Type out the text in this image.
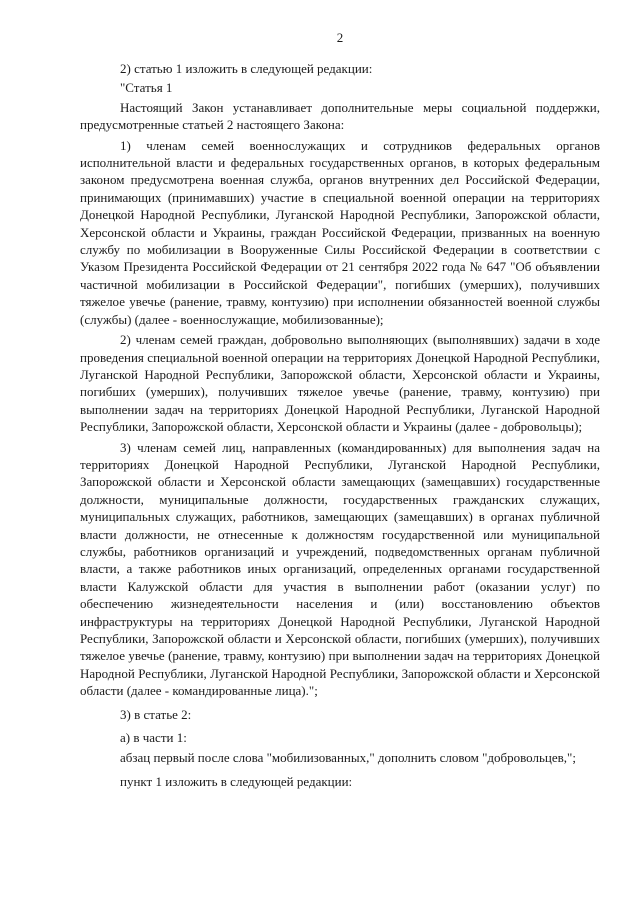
2

2) статью 1 изложить в следующей редакции:

"Статья 1

Настоящий Закон устанавливает дополнительные меры социальной поддержки, предусмотренные статьей 2 настоящего Закона:

1) членам семей военнослужащих и сотрудников федеральных органов исполнительной власти и федеральных государственных органов, в которых федеральным законом предусмотрена военная служба, органов внутренних дел Российской Федерации, принимающих (принимавших) участие в специальной военной операции на территориях Донецкой Народной Республики, Луганской Народной Республики, Запорожской области, Херсонской области и Украины, граждан Российской Федерации, призванных на военную службу по мобилизации в Вооруженные Силы Российской Федерации в соответствии с Указом Президента Российской Федерации от 21 сентября 2022 года № 647 "Об объявлении частичной мобилизации в Российской Федерации", погибших (умерших), получивших тяжелое увечье (ранение, травму, контузию) при исполнении обязанностей военной службы (службы) (далее - военнослужащие, мобилизованные);

2) членам семей граждан, добровольно выполняющих (выполнявших) задачи в ходе проведения специальной военной операции на территориях Донецкой Народной Республики, Луганской Народной Республики, Запорожской области, Херсонской области и Украины, погибших (умерших), получивших тяжелое увечье (ранение, травму, контузию) при выполнении задач на территориях Донецкой Народной Республики, Луганской Народной Республики, Запорожской области, Херсонской области и Украины (далее - добровольцы);

3) членам семей лиц, направленных (командированных) для выполнения задач на территориях Донецкой Народной Республики, Луганской Народной Республики, Запорожской области и Херсонской области замещающих (замещавших) государственные должности, муниципальные должности, государственных гражданских служащих, муниципальных служащих, работников, замещающих (замещавших) в органах публичной власти должности, не отнесенные к должностям государственной или муниципальной службы, работников организаций и учреждений, подведомственных органам публичной власти, а также работников иных организаций, определенных органами государственной власти Калужской области для участия в выполнении работ (оказании услуг) по обеспечению жизнедеятельности населения и (или) восстановлению объектов инфраструктуры на территориях Донецкой Народной Республики, Луганской Народной Республики, Запорожской области и Херсонской области, погибших (умерших), получивших тяжелое увечье (ранение, травму, контузию) при выполнении задач на территориях Донецкой Народной Республики, Луганской Народной Республики, Запорожской области и Херсонской области (далее - командированные лица).";

3) в статье 2:

а) в части 1:

абзац первый после слова "мобилизованных," дополнить словом "добровольцев,";

пункт 1 изложить в следующей редакции:
